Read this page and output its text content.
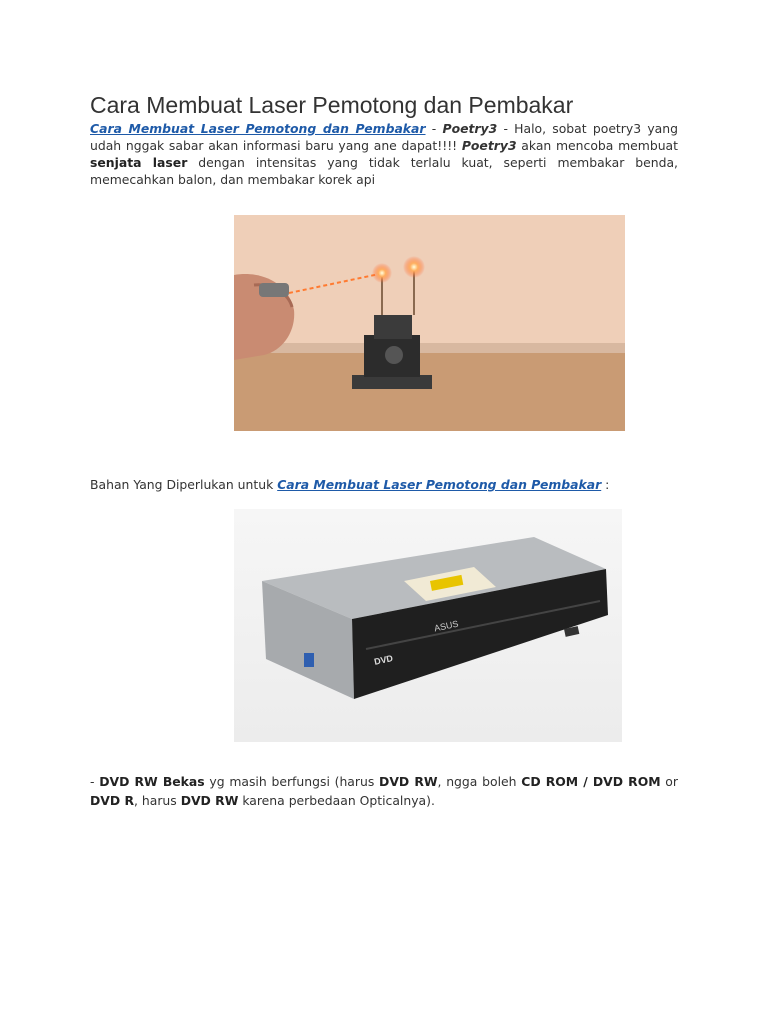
Cara Membuat Laser Pemotong dan Pembakar

Cara Membuat Laser Pemotong dan Pembakar - Poetry3 - Halo, sobat poetry3 yang udah nggak sabar akan informasi baru yang ane dapat!!!! Poetry3 akan mencoba membuat senjata laser dengan intensitas yang tidak terlalu kuat, seperti membakar benda, memecahkan balon, dan membakar korek api

Bahan Yang Diperlukan untuk Cara Membuat Laser Pemotong dan Pembakar :

- DVD RW Bekas yg masih berfungsi (harus DVD RW, ngga boleh CD ROM / DVD ROM or DVD R, harus DVD RW karena perbedaan Opticalnya).

ASUS
DVD
